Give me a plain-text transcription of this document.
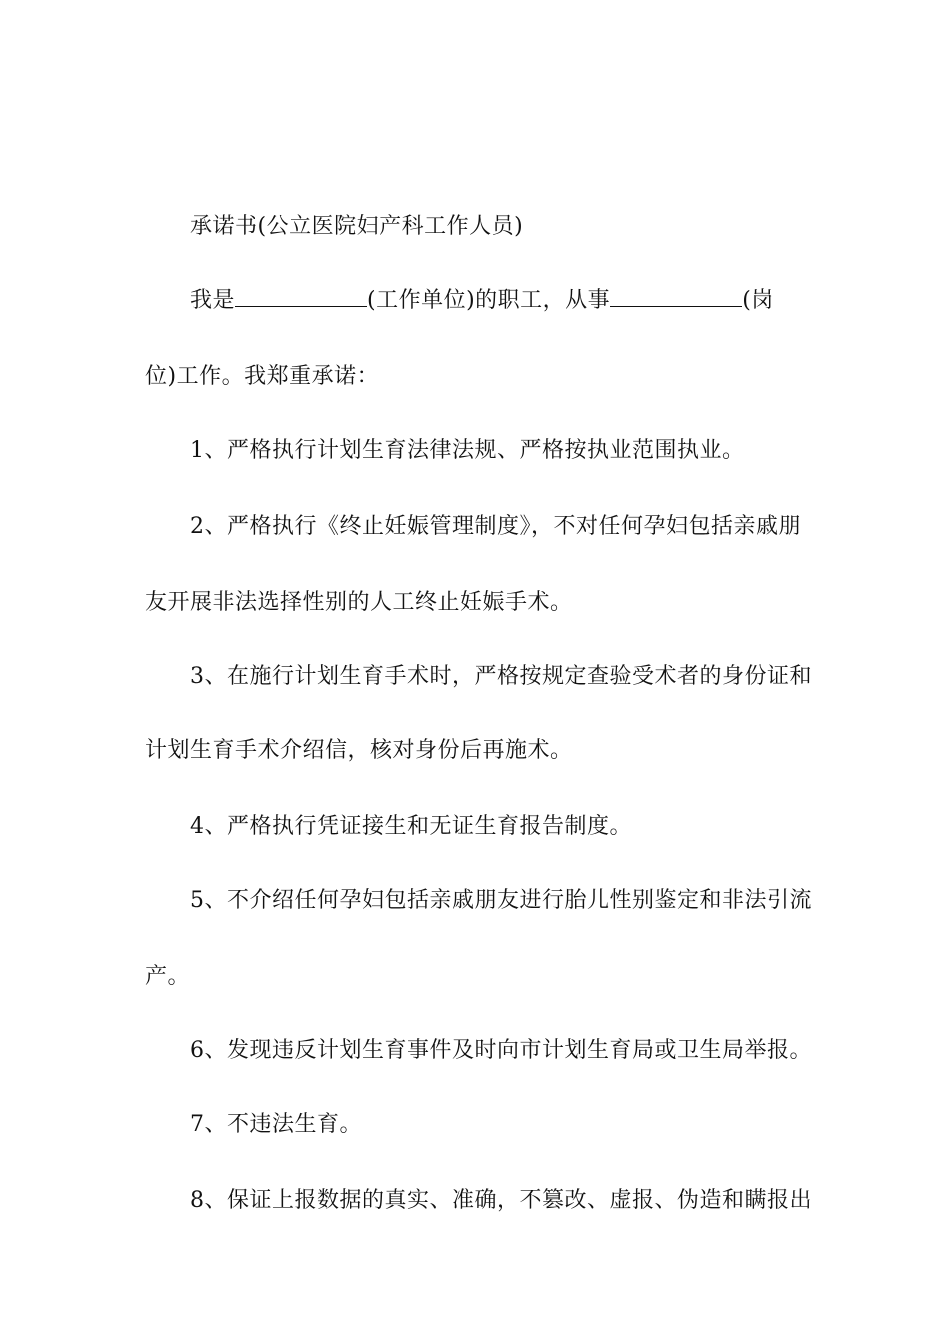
承诺书(公立医院妇产科工作人员)
我是	(工作单位)的职工，从事	(岗
位)工作。我郑重承诺：
1、严格执行计划生育法律法规、严格按执业范围执业。
2、严格执行《终止妊娠管理制度》，不对任何孕妇包括亲戚朋
友开展非法选择性别的人工终止妊娠手术。
3、在施行计划生育手术时，严格按规定查验受术者的身份证和
计划生育手术介绍信，核对身份后再施术。
4、严格执行凭证接生和无证生育报告制度。
5、不介绍任何孕妇包括亲戚朋友进行胎儿性别鉴定和非法引流
产。
6、发现违反计划生育事件及时向市计划生育局或卫生局举报。
7、不违法生育。
8、保证上报数据的真实、准确，不篡改、虚报、伪造和瞒报出
